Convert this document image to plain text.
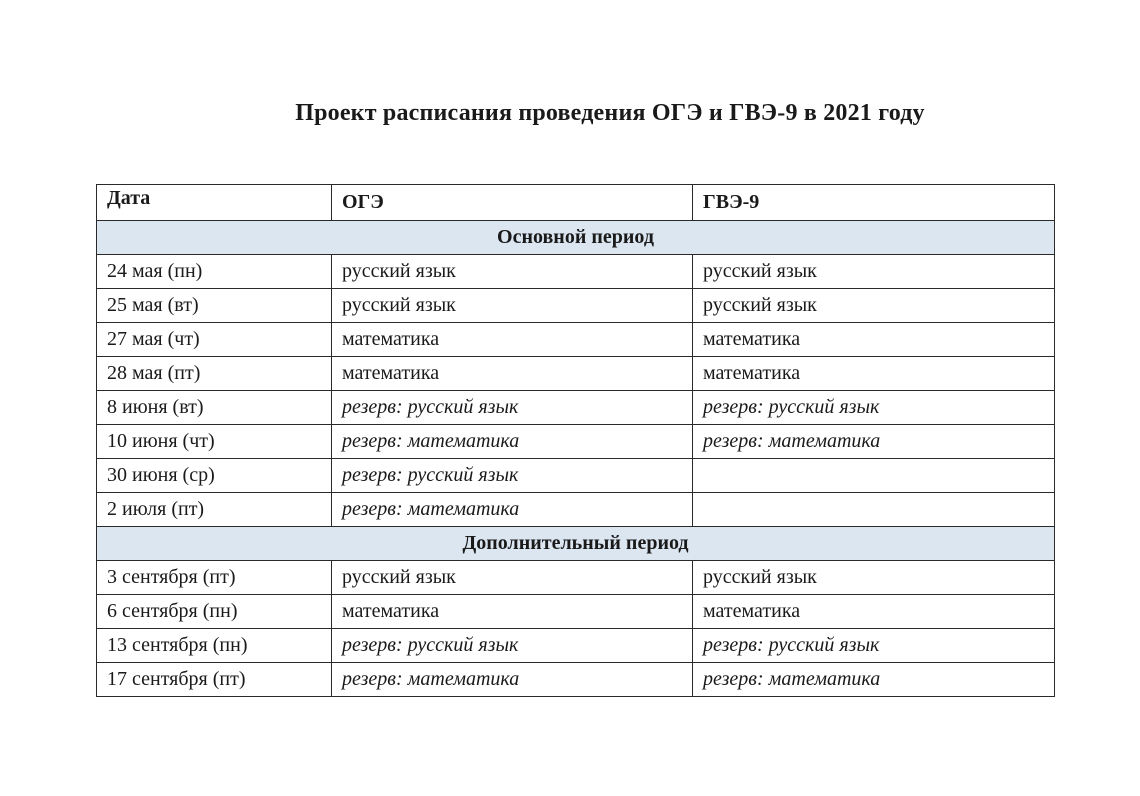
Проект расписания проведения ОГЭ и ГВЭ-9 в 2021 году
Дата	ОГЭ	ГВЭ-9
Основной период		
24 мая (пн)	русский язык	русский язык
25 мая (вт)	русский язык	русский язык
27 мая (чт)	математика	математика
28 мая (пт)	математика	математика
8 июня (вт)	резерв: русский язык	резерв: русский язык
10 июня (чт)	резерв: математика	резерв: математика
30 июня (ср)	резерв: русский язык	
2 июля (пт)	резерв: математика	
Дополнительный период		
3 сентября (пт)	русский язык	русский язык
6 сентября (пн)	математика	математика
13 сентября (пн)	резерв: русский язык	резерв: русский язык
17 сентября (пт)	резерв: математика	резерв: математика
